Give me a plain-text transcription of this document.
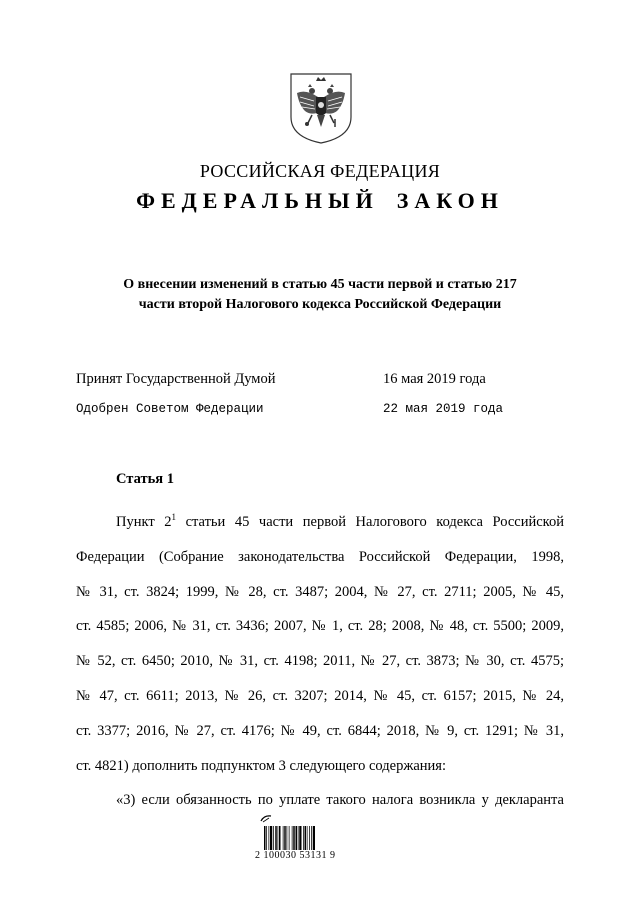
РОССИЙСКАЯ ФЕДЕРАЦИЯ
ФЕДЕРАЛЬНЫЙ ЗАКОН
О внесении изменений в статью 45 части первой и статью 217
части второй Налогового кодекса Российской Федерации
Принят Государственной Думой	16 мая 2019 года
Одобрен Советом Федерации	22 мая 2019 года
Статья 1
Пункт $2^1$ статьи 45 части первой Налогового кодекса Российской
Федерации (Собрание законодательства Российской Федерации, 1998,
№ 31, ст. 3824; 1999, № 28, ст. 3487; 2004, № 27, ст. 2711; 2005, № 45,
ст. 4585; 2006, № 31, ст. 3436; 2007, № 1, ст. 28; 2008, № 48, ст. 5500; 2009,
№ 52, ст. 6450; 2010, № 31, ст. 4198; 2011, № 27, ст. 3873; № 30, ст. 4575;
№ 47, ст. 6611; 2013, № 26, ст. 3207; 2014, № 45, ст. 6157; 2015, № 24,
ст. 3377; 2016, № 27, ст. 4176; № 49, ст. 6844; 2018, № 9, ст. 1291; № 31,
ст. 4821) дополнить подпунктом 3 следующего содержания:
«3) если обязанность по уплате такого налога возникла у декларанта
2 100030 53131 9
